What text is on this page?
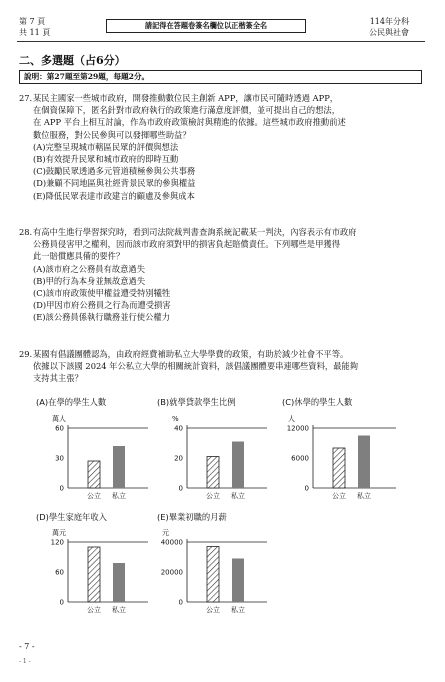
第 7 頁
共 11 頁
請記得在答題卷簽名欄位以正楷簽全名	114年分科
公民與社會
二、多選題（占6分）
說明：第27題至第29題，每題2分。
27. 某民主國家一些城市政府，開發推動數位民主創新 APP，讓市民可隨時透過 APP，
在個資保障下，匿名針對市政府執行的政策進行滿意度評價，並可提出自己的想法，
在 APP 平台上相互討論，作為市政府政策檢討與精進的依據。這些城市政府推動前述
數位服務，對公民參與可以發揮哪些助益？
(A)完整呈現城市轄區民眾的評價與想法
(B)有效提升民眾和城市政府的即時互動
(C)鼓勵民眾透過多元管道積極參與公共事務
(D)兼顧不同地區與社經背景民眾的參與權益
(E)降低民眾表達市政建言的顧慮及參與成本
28. 有高中生進行學習探究時，看到司法院裁判書查詢系統記載某一判決，內容表示有市政府
公務員侵害甲之權利，因而該市政府須對甲的損害負起賠償責任。下列哪些是甲獲得
此一賠償應具備的要件？
(A)該市府之公務員有故意過失
(B)甲的行為本身並無故意過失
(C)該市府政策使甲權益遭受特別犧牲
(D)甲因市府公務員之行為而遭受損害
(E)該公務員係執行職務並行使公權力
29. 某國有倡議團體認為，由政府經費補助私立大學學費的政策，有助於減少社會不平等。
依據以下該國 2024 年公私立大學的相關統計資料，該倡議團體要串連哪些資料，最能夠
支持其主張？
(A)在學的學生人數
萬人
60
30
0
公立 私立
(B)就學貸款學生比例
%
40
20
0
公立 私立
(C)休學的學生人數
人
12000
6000
0
公立 私立
(D)學生家庭年收入
萬元
120
60
0
公立 私立
(E)畢業初職的月薪
元
40000
20000
0
公立 私立
- 7 -
- 1 -
